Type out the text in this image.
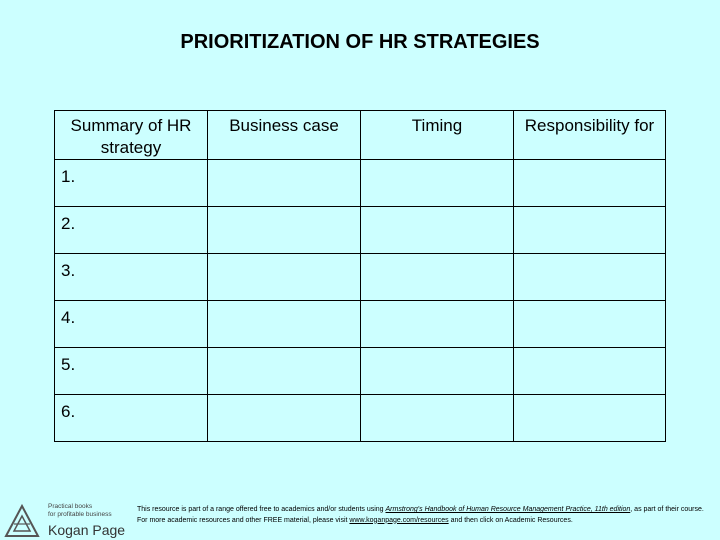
PRIORITIZATION OF HR STRATEGIES
Summary of HR strategy	Business case	Timing	Responsibility for
1.			
2.			
3.			
4.			
5.			
6.			
Practical books
for profitable business
Kogan Page
This resource is part of a range offered free to academics and/or students using Armstrong's Handbook of Human Resource Management Practice, 11th edition, as part of their course. For more academic resources and other FREE material, please visit www.koganpage.com/resources and then click on Academic Resources.
